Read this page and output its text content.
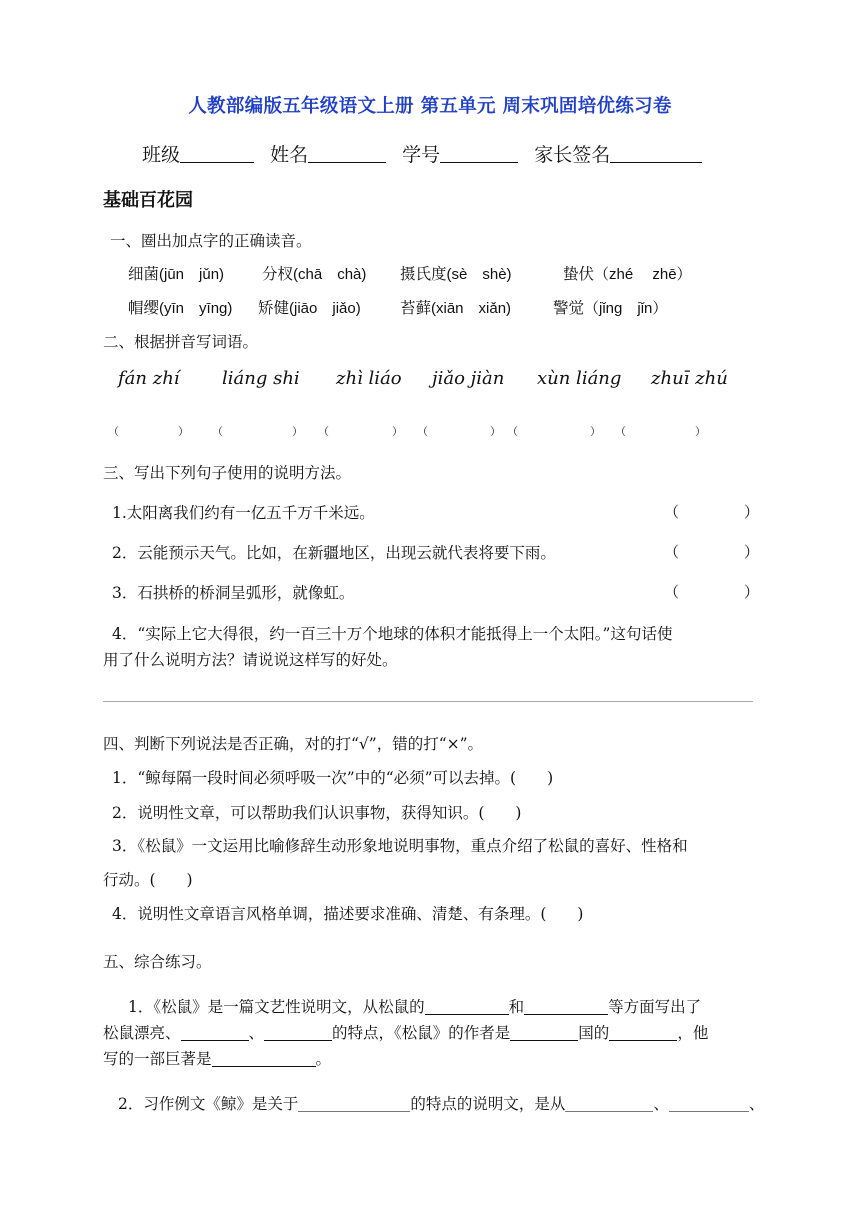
人教部编版五年级语文上册 第五单元 周末巩固培优练习卷
班级	姓名	学号	家长签名
基础百花园
一、圈出加点字的正确读音。
细菌(jūn　jǔn) 分杈(chā　chà) 摄氏度(sè　shè)	蛰伏（zhé　 zhē）
帽缨(yīn　yīng) 矫健(jiāo　jiǎo)	苔藓(xiān　xiǎn)	警觉（jǐng　jǐn）
二、根据拼音写词语。
fán zhí liáng shi zhì liáo jiǎo jiàn xùn liáng zhuī zhú
（	） （	） （	） （	） （	） （	）
三、写出下列句子使用的说明方法。
1.太阳离我们约有一亿五千万千米远。	（	）
2．云能预示天气。比如，在新疆地区，出现云就代表将要下雨。	（	）
3．石拱桥的桥洞呈弧形，就像虹。	（	）
4．“实际上它大得很，约一百三十万个地球的体积才能抵得上一个太阳。”这句话使
用了什么说明方法？请说说这样写的好处。
四、判断下列说法是否正确，对的打“√”，错的打“×”。
1．“鲸每隔一段时间必须呼吸一次”中的“必须”可以去掉。(　　)
2．说明性文章，可以帮助我们认识事物，获得知识。(　　)
3．《松鼠》一文运用比喻修辞生动形象地说明事物，重点介绍了松鼠的喜好、性格和
行动。(　　)
4．说明性文章语言风格单调，描述要求准确、清楚、有条理。(　　)
五、综合练习。
1．《松鼠》是一篇文艺性说明文，从松鼠的	和	等方面写出了
松鼠漂亮、	、	的特点，《松鼠》的作者是	国的	，他
写的一部巨著是	。
2．习作例文《鲸》是关于	的特点的说明文，是从	、	、
